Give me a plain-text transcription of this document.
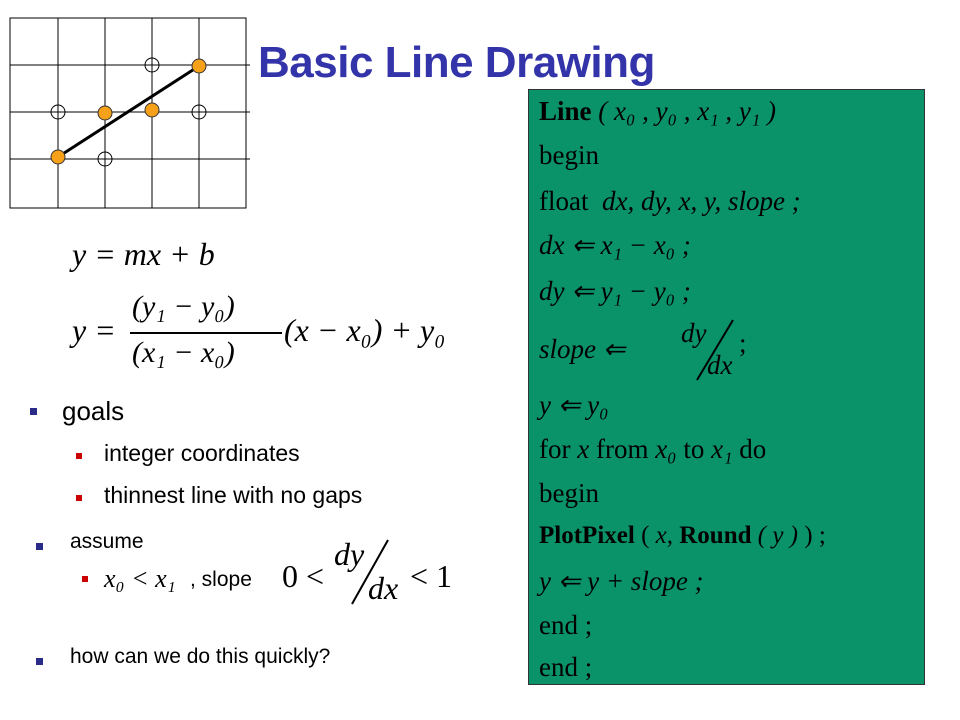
Basic Line Drawing
y = mx + b
y =
(y₁ − y₀)
(x₁ − x₀)
(x − x₀) + y₀
goals
integer coordinates
thinnest line with no gaps
assume
x₀ < x₁ , slope 0 <
dy
dx < 1
how can we do this quickly?
Line ( x₀ , y₀ , x₁ , y₁ )
begin
float dx, dy, x, y, slope ;
dx ⇐ x₁ − x₀ ;
dy ⇐ y₁ − y₀ ;
slope ⇐
dy
dx
;
y ⇐ y₀
for x from x₀ to x₁ do
begin
PlotPixel ( x, Round ( y ) ) ;
y ⇐ y + slope ;
end ;
end ;
